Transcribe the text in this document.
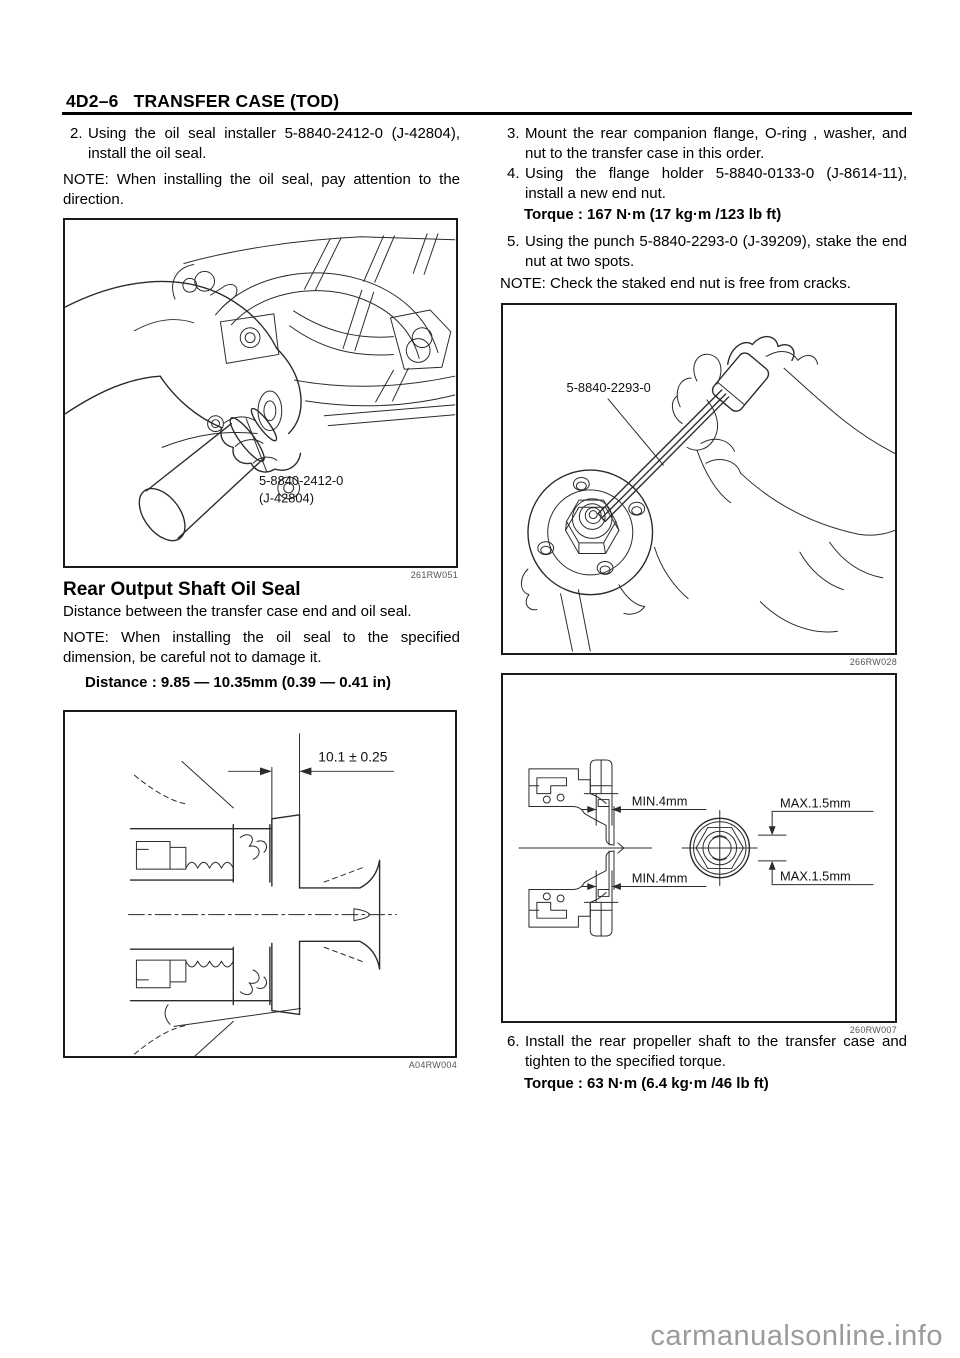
4D2–6 TRANSFER CASE (TOD)
2. Using the oil seal installer 5-8840-2412-0 (J-42804), install the oil seal.
NOTE: When installing the oil seal, pay attention to the direction.
5-8840-2412-0
(J-42804)
261RW051
Rear Output Shaft Oil Seal
Distance between the transfer case end and oil seal.
NOTE: When installing the oil seal to the specified dimension, be careful not to damage it.
Distance : 9.85 — 10.35mm (0.39 — 0.41 in)
10.1 ± 0.25
A04RW004
3. Mount the rear companion flange, O-ring , washer, and nut to the transfer case in this order.
4. Using the flange holder 5-8840-0133-0 (J-8614-11), install a new end nut.
Torque : 167 N·m (17 kg·m /123 lb ft)
5. Using the punch 5-8840-2293-0 (J-39209), stake the end nut at two spots.
NOTE: Check the staked end nut is free from cracks.
5-8840-2293-0
266RW028
MIN.4mm
MIN.4mm
MAX.1.5mm
MAX.1.5mm
260RW007
6. Install the rear propeller shaft to the transfer case and tighten to the specified torque.
Torque : 63 N·m (6.4 kg·m /46 lb ft)
carmanualsonline.info
